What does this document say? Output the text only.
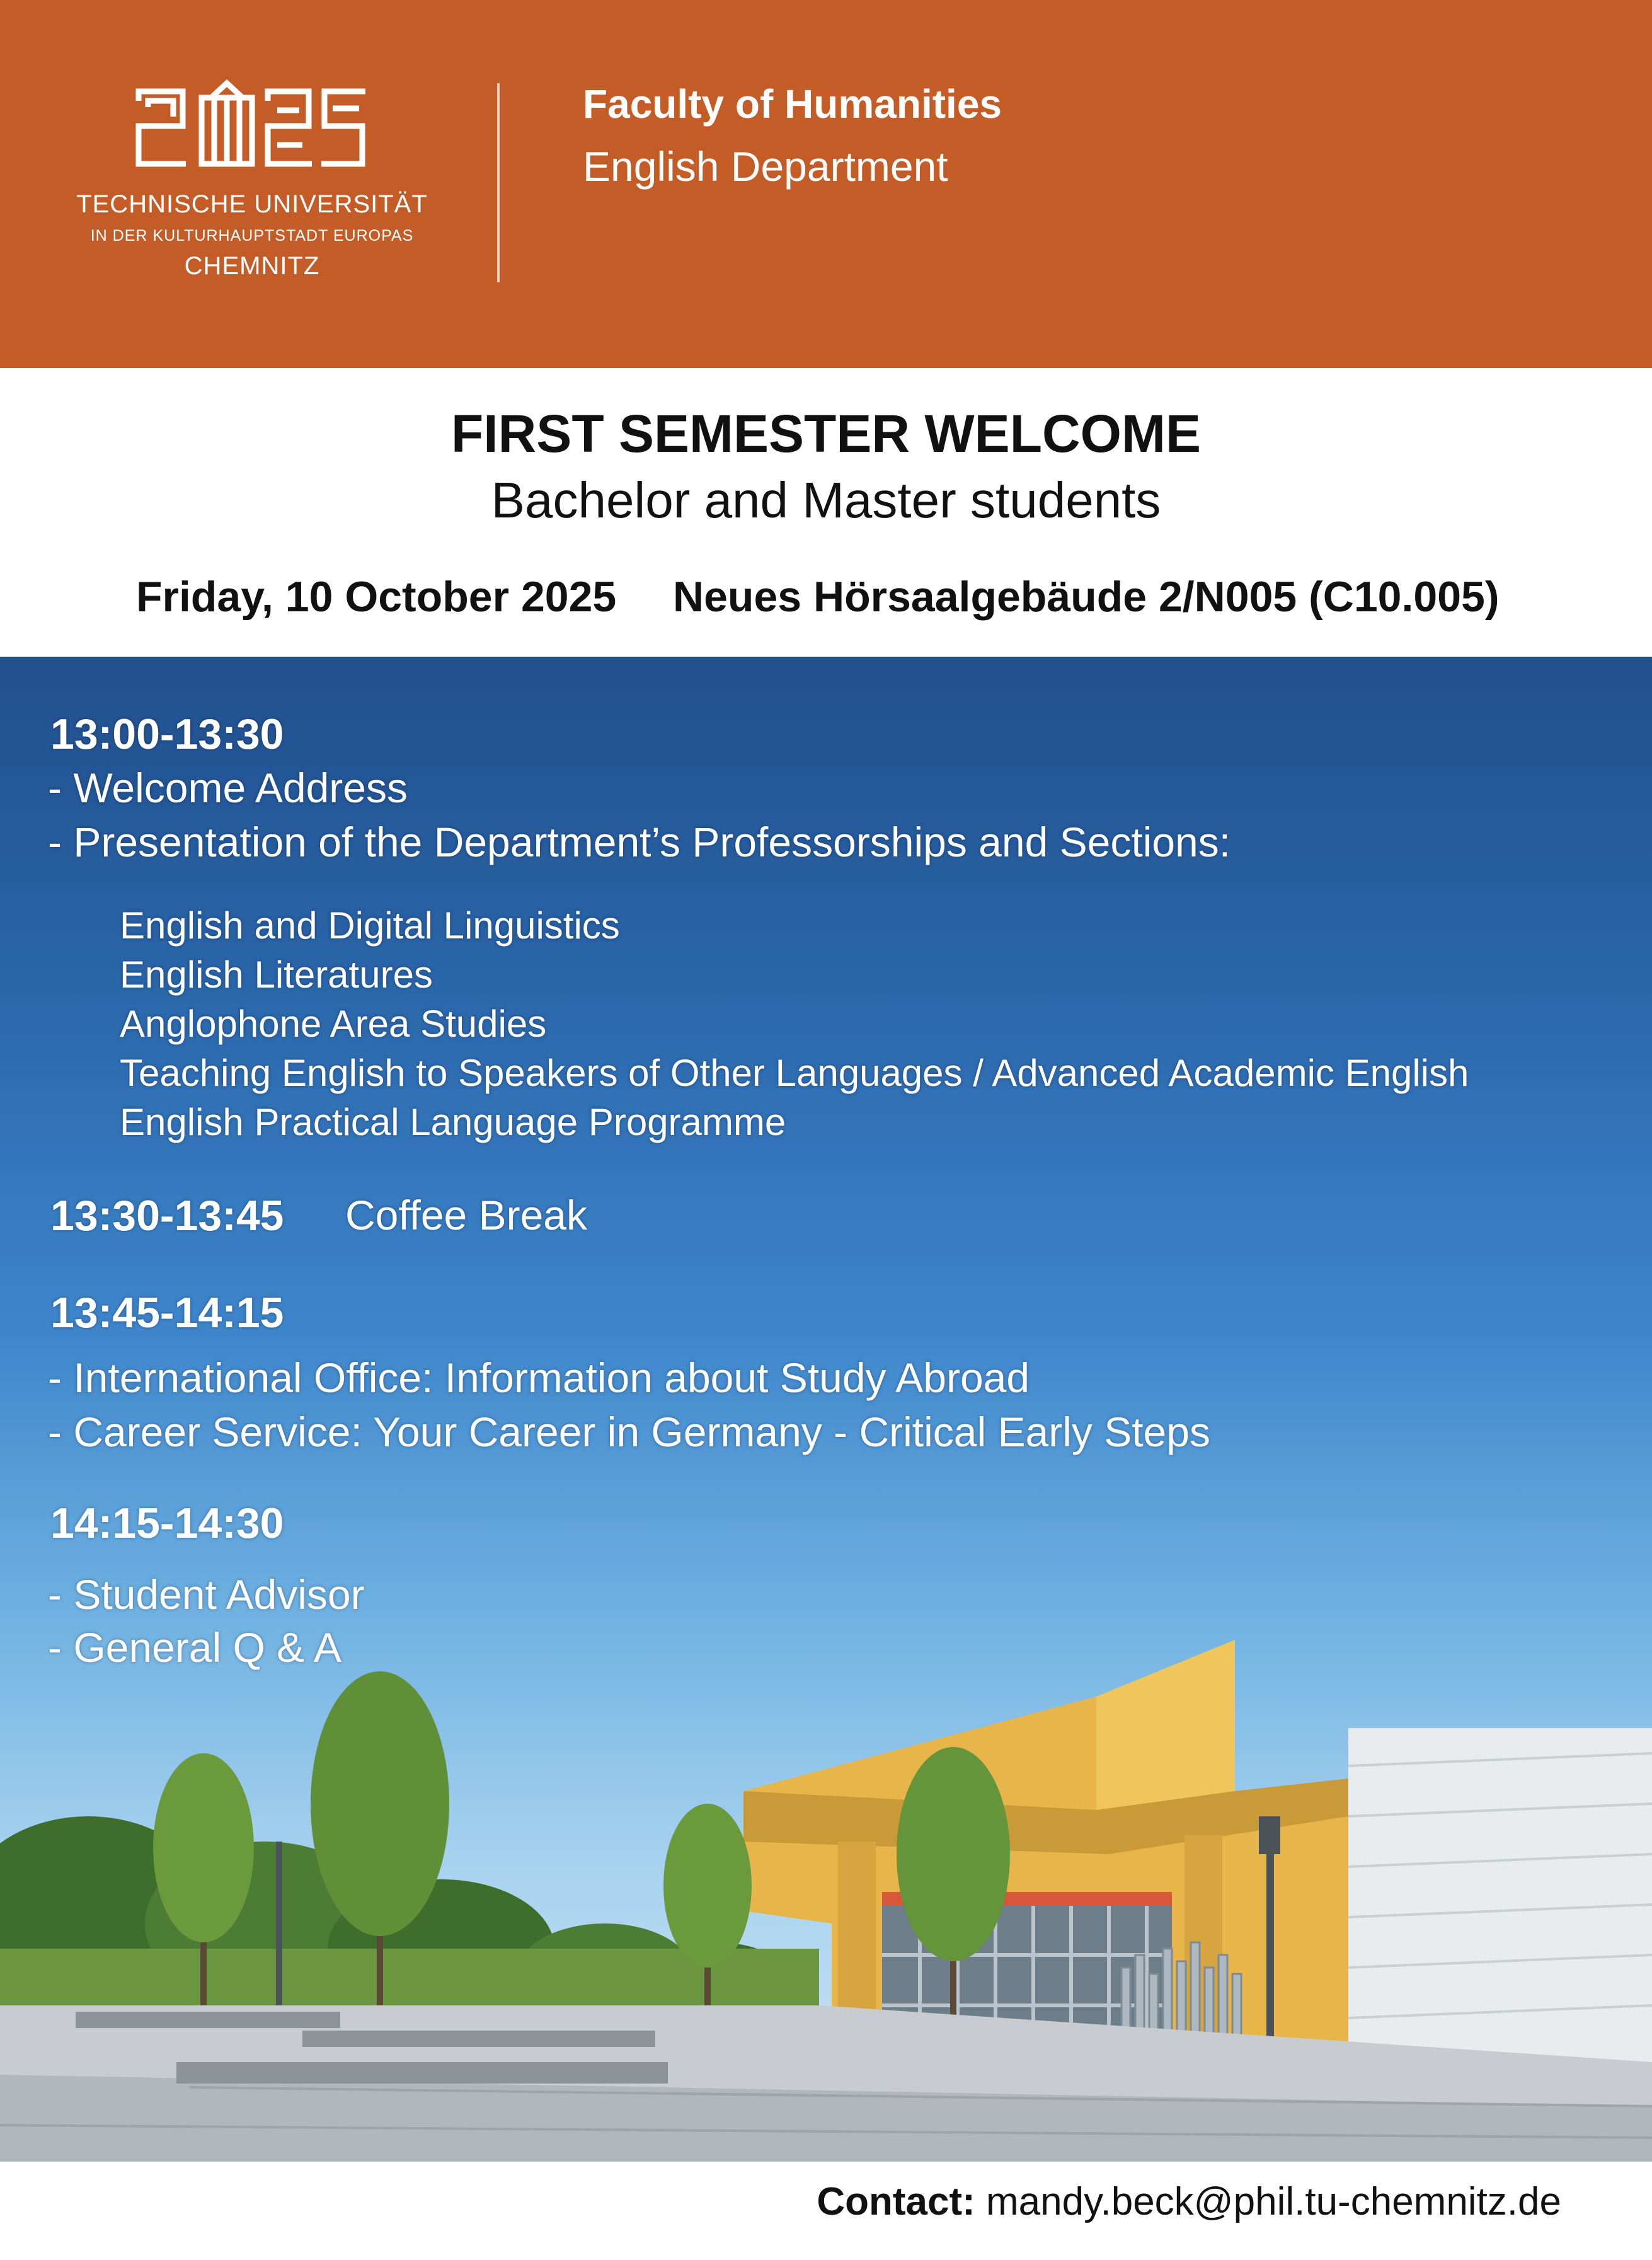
TECHNISCHE UNIVERSITÄT
IN DER KULTURHAUPTSTADT EUROPAS
CHEMNITZ
Faculty of Humanities
English Department
FIRST SEMESTER WELCOME
Bachelor and Master students
Friday, 10 October 2025 Neues Hörsaalgebäude 2/N005 (C10.005)
13:00-13:30
- Welcome Address
- Presentation of the Department’s Professorships and Sections:
English and Digital Linguistics
English Literatures
Anglophone Area Studies
Teaching English to Speakers of Other Languages / Advanced Academic English
English Practical Language Programme
13:30-13:45 Coffee Break
13:45-14:15
- International Office: Information about Study Abroad
- Career Service: Your Career in Germany - Critical Early Steps
14:15-14:30
- Student Advisor
- General Q & A
Contact: mandy.beck@phil.tu-chemnitz.de
